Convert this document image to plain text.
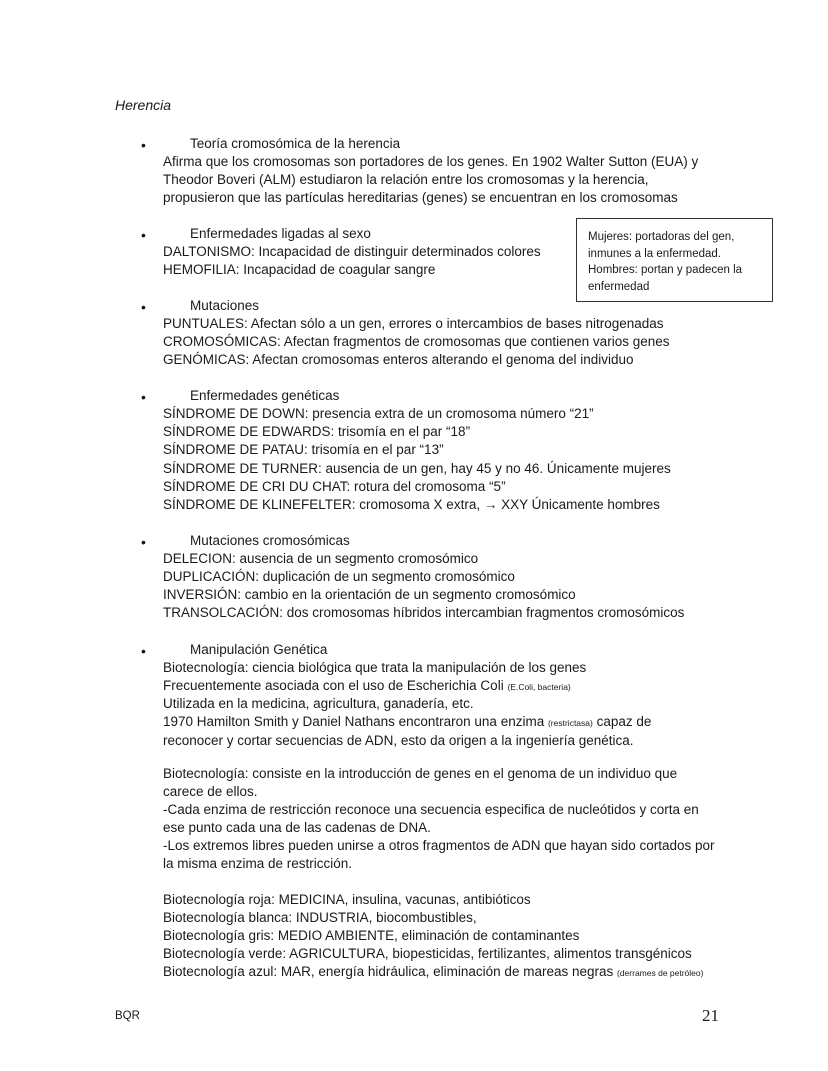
Herencia
•	Teoría cromosómica de la herencia
Afirma que los cromosomas son portadores de los genes. En 1902 Walter Sutton (EUA) y
Theodor Boveri (ALM) estudiaron la relación entre los cromosomas y la herencia,
propusieron que las partículas hereditarias (genes) se encuentran en los cromosomas
•	Enfermedades ligadas al sexo
DALTONISMO: Incapacidad de distinguir determinados colores
HEMOFILIA: Incapacidad de coagular sangre
Mujeres: portadoras del gen,
inmunes a la enfermedad.
Hombres: portan y padecen la
enfermedad
•	Mutaciones
PUNTUALES: Afectan sólo a un gen, errores o intercambios de bases nitrogenadas
CROMOSÓMICAS: Afectan fragmentos de cromosomas que contienen varios genes
GENÓMICAS: Afectan cromosomas enteros alterando el genoma del individuo
•	Enfermedades genéticas
SÍNDROME DE DOWN: presencia extra de un cromosoma número “21”
SÍNDROME DE EDWARDS: trisomía en el par “18”
SÍNDROME DE PATAU: trisomía en el par “13”
SÍNDROME DE TURNER: ausencia de un gen, hay 45 y no 46. Únicamente mujeres
SÍNDROME DE CRI DU CHAT: rotura del cromosoma “5”
SÍNDROME DE KLINEFELTER: cromosoma X extra, → XXY Únicamente hombres
•	Mutaciones cromosómicas
DELECION: ausencia de un segmento cromosómico
DUPLICACIÓN: duplicación de un segmento cromosómico
INVERSIÓN: cambio en la orientación de un segmento cromosómico
TRANSOLCACIÓN: dos cromosomas híbridos intercambian fragmentos cromosómicos
•	Manipulación Genética
Biotecnología: ciencia biológica que trata la manipulación de los genes
Frecuentemente asociada con el uso de Escherichia Coli (E.Coli, bacteria)
Utilizada en la medicina, agricultura, ganadería, etc.
1970 Hamilton Smith y Daniel Nathans encontraron una enzima (restrictasa) capaz de
reconocer y cortar secuencias de ADN, esto da origen a la ingeniería genética.
Biotecnología: consiste en la introducción de genes en el genoma de un individuo que
carece de ellos.
-Cada enzima de restricción reconoce una secuencia especifica de nucleótidos y corta en
ese punto cada una de las cadenas de DNA.
-Los extremos libres pueden unirse a otros fragmentos de ADN que hayan sido cortados por
la misma enzima de restricción.
Biotecnología roja: MEDICINA, insulina, vacunas, antibióticos
Biotecnología blanca: INDUSTRIA, biocombustibles,
Biotecnología gris: MEDIO AMBIENTE, eliminación de contaminantes
Biotecnología verde: AGRICULTURA, biopesticidas, fertilizantes, alimentos transgénicos
Biotecnología azul: MAR, energía hidráulica, eliminación de mareas negras (derrames de petróleo)
BQR	21
